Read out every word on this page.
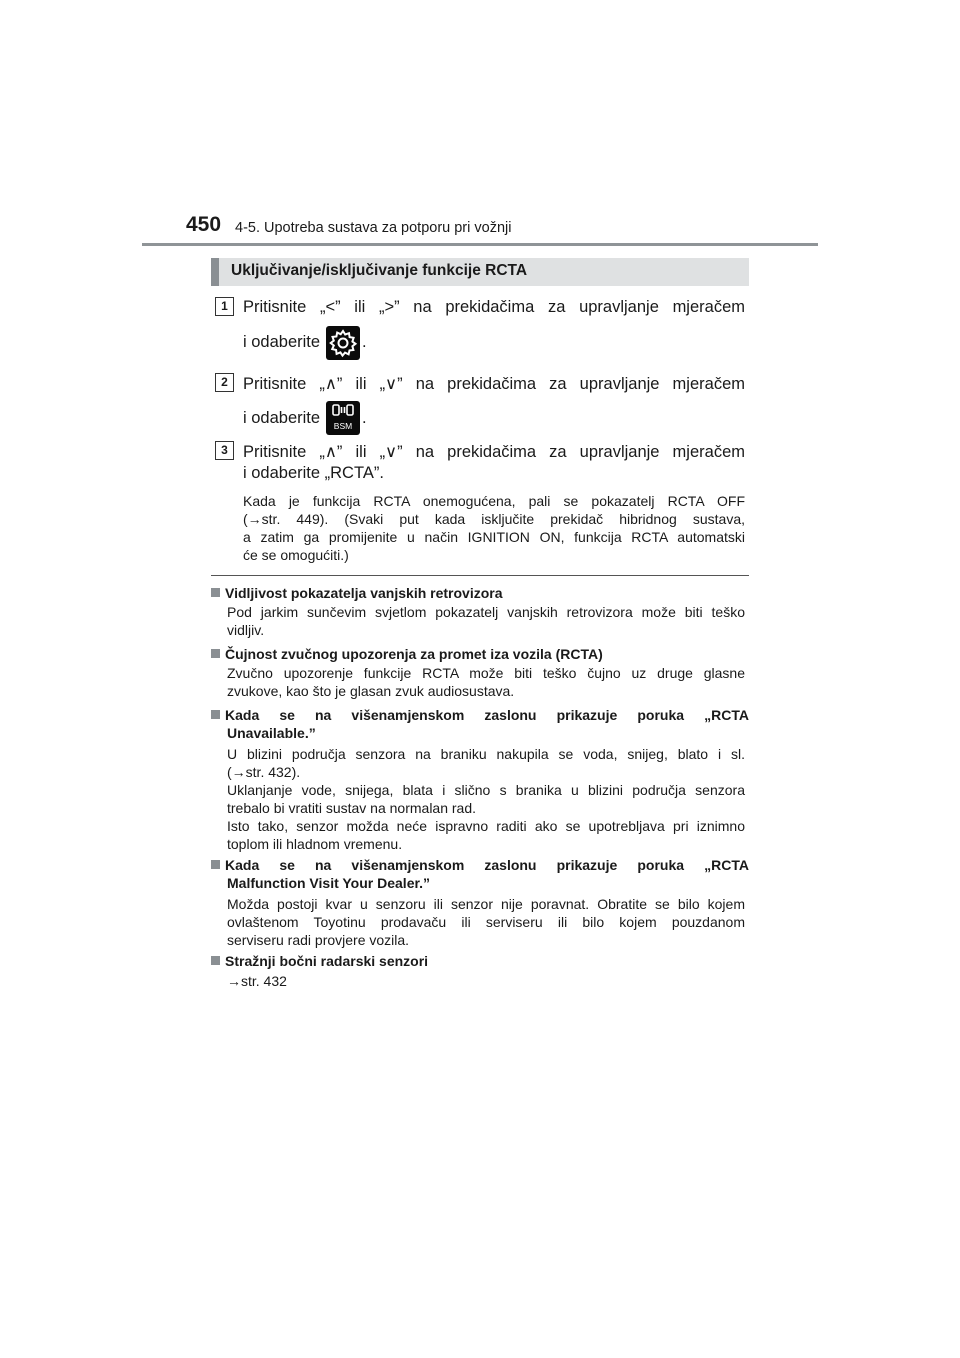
450 4-5. Upotreba sustava za potporu pri vožnji
Uključivanje/isključivanje funkcije RCTA
1 Pritisnite „<” ili „>” na prekidačima za upravljanje mjeračem
i odaberite	.
2 Pritisnite „∧” ili „∨” na prekidačima za upravljanje mjeračem
i odaberite BSM .
3 Pritisnite „∧” ili „∨” na prekidačima za upravljanje mjeračem
i odaberite „RCTA”.
Kada je funkcija RCTA onemogućena, pali se pokazatelj RCTA OFF
(→str. 449). (Svaki put kada isključite prekidač hibridnog sustava,
a zatim ga promijenite u način IGNITION ON, funkcija RCTA automatski
će se omogućiti.)
Vidljivost pokazatelja vanjskih retrovizora
Pod jarkim sunčevim svjetlom pokazatelj vanjskih retrovizora može biti teško
vidljiv.
Čujnost zvučnog upozorenja za promet iza vozila (RCTA)
Zvučno upozorenje funkcije RCTA može biti teško čujno uz druge glasne
zvukove, kao što je glasan zvuk audiosustava.
Kada se na višenamjenskom zaslonu prikazuje poruka „RCTA
Unavailable.”
U blizini područja senzora na braniku nakupila se voda, snijeg, blato i sl.
(→str. 432).
Uklanjanje vode, snijega, blata i slično s branika u blizini područja senzora
trebalo bi vratiti sustav na normalan rad.
Isto tako, senzor možda neće ispravno raditi ako se upotrebljava pri iznimno
toplom ili hladnom vremenu.
Kada se na višenamjenskom zaslonu prikazuje poruka „RCTA
Malfunction Visit Your Dealer.”
Možda postoji kvar u senzoru ili senzor nije poravnat. Obratite se bilo kojem
ovlaštenom Toyotinu prodavaču ili serviseru ili bilo kojem pouzdanom
serviseru radi provjere vozila.
Stražnji bočni radarski senzori
→str. 432
